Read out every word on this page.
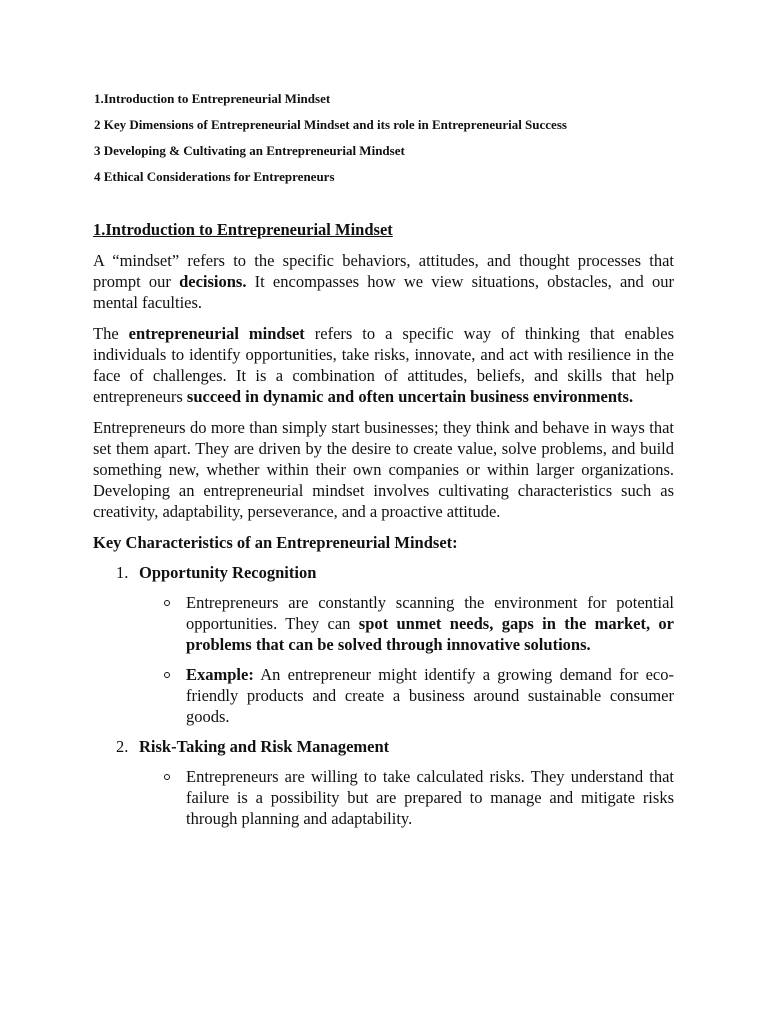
1.Introduction to Entrepreneurial Mindset
2 Key Dimensions of Entrepreneurial Mindset and its role in Entrepreneurial Success
3 Developing & Cultivating an Entrepreneurial Mindset
4 Ethical Considerations for Entrepreneurs
1.Introduction to Entrepreneurial Mindset

A “mindset” refers to the specific behaviors, attitudes, and thought processes that prompt our decisions. It encompasses how we view situations, obstacles, and our mental faculties.

The entrepreneurial mindset refers to a specific way of thinking that enables individuals to identify opportunities, take risks, innovate, and act with resilience in the face of challenges. It is a combination of attitudes, beliefs, and skills that help entrepreneurs succeed in dynamic and often uncertain business environments.

Entrepreneurs do more than simply start businesses; they think and behave in ways that set them apart. They are driven by the desire to create value, solve problems, and build something new, whether within their own companies or within larger organizations. Developing an entrepreneurial mindset involves cultivating characteristics such as creativity, adaptability, perseverance, and a proactive attitude.

Key Characteristics of an Entrepreneurial Mindset:
1. Opportunity Recognition
Entrepreneurs are constantly scanning the environment for potential opportunities. They can spot unmet needs, gaps in the market, or problems that can be solved through innovative solutions.
Example: An entrepreneur might identify a growing demand for eco-friendly products and create a business around sustainable consumer goods.
2. Risk-Taking and Risk Management
Entrepreneurs are willing to take calculated risks. They understand that failure is a possibility but are prepared to manage and mitigate risks through planning and adaptability.
